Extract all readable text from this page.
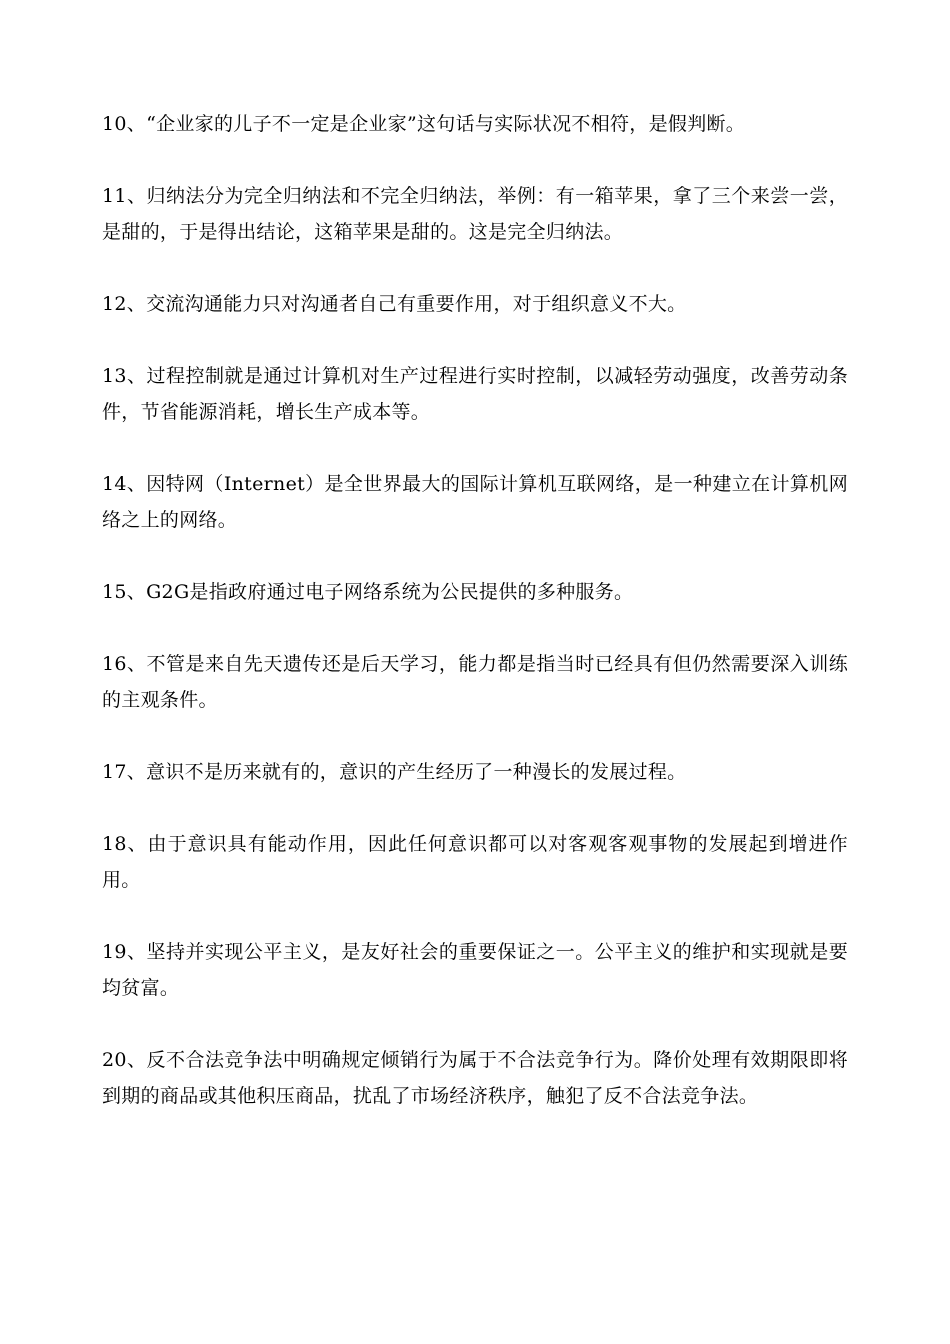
10、“企业家的儿子不一定是企业家”这句话与实际状况不相符，是假判断。
11、归纳法分为完全归纳法和不完全归纳法，举例：有一箱苹果，拿了三个来尝一尝，是甜的，于是得出结论，这箱苹果是甜的。这是完全归纳法。
12、交流沟通能力只对沟通者自己有重要作用，对于组织意义不大。
13、过程控制就是通过计算机对生产过程进行实时控制，以减轻劳动强度，改善劳动条件，节省能源消耗，增长生产成本等。
14、因特网（Internet）是全世界最大的国际计算机互联网络，是一种建立在计算机网络之上的网络。
15、G2G是指政府通过电子网络系统为公民提供的多种服务。
16、不管是来自先天遗传还是后天学习，能力都是指当时已经具有但仍然需要深入训练的主观条件。
17、意识不是历来就有的，意识的产生经历了一种漫长的发展过程。
18、由于意识具有能动作用，因此任何意识都可以对客观客观事物的发展起到增进作用。
19、坚持并实现公平主义，是友好社会的重要保证之一。公平主义的维护和实现就是要均贫富。
20、反不合法竞争法中明确规定倾销行为属于不合法竞争行为。降价处理有效期限即将到期的商品或其他积压商品，扰乱了市场经济秩序，触犯了反不合法竞争法。
